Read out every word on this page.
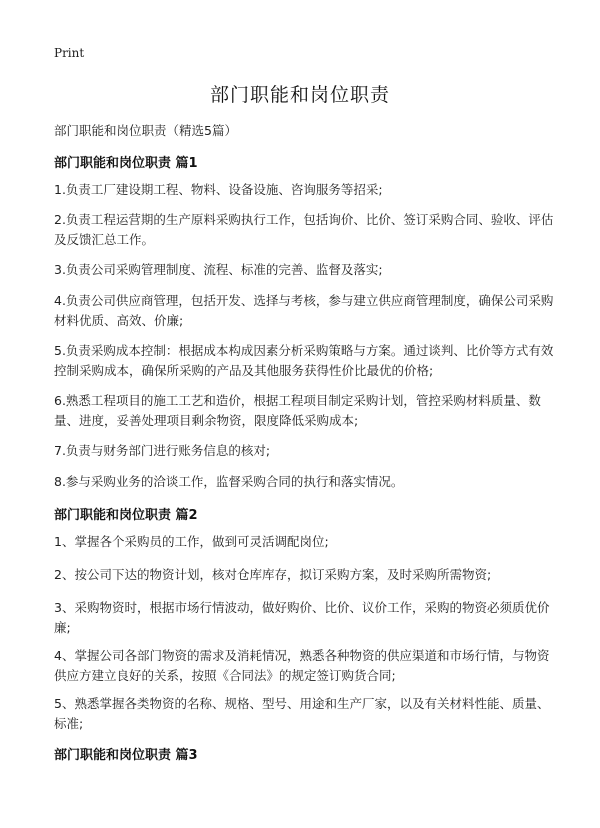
Print
部门职能和岗位职责
部门职能和岗位职责（精选5篇）
部门职能和岗位职责 篇1
1.负责工厂建设期工程、物料、设备设施、咨询服务等招采;
2.负责工程运营期的生产原料采购执行工作，包括询价、比价、签订采购合同、验收、评估及反馈汇总工作。
3.负责公司采购管理制度、流程、标准的完善、监督及落实;
4.负责公司供应商管理，包括开发、选择与考核，参与建立供应商管理制度，确保公司采购材料优质、高效、价廉;
5.负责采购成本控制：根据成本构成因素分析采购策略与方案。通过谈判、比价等方式有效控制采购成本，确保所采购的产品及其他服务获得性价比最优的价格;
6.熟悉工程项目的施工工艺和造价，根据工程项目制定采购计划，管控采购材料质量、数量、进度，妥善处理项目剩余物资，限度降低采购成本;
7.负责与财务部门进行账务信息的核对;
8.参与采购业务的洽谈工作，监督采购合同的执行和落实情况。
部门职能和岗位职责 篇2
1、掌握各个采购员的工作，做到可灵活调配岗位;
2、按公司下达的物资计划，核对仓库库存，拟订采购方案，及时采购所需物资;
3、采购物资时，根据市场行情波动，做好购价、比价、议价工作，采购的物资必须质优价廉;
4、掌握公司各部门物资的需求及消耗情况，熟悉各种物资的供应渠道和市场行情，与物资供应方建立良好的关系，按照《合同法》的规定签订购货合同;
5、熟悉掌握各类物资的名称、规格、型号、用途和生产厂家，以及有关材料性能、质量、标准;
部门职能和岗位职责 篇3
